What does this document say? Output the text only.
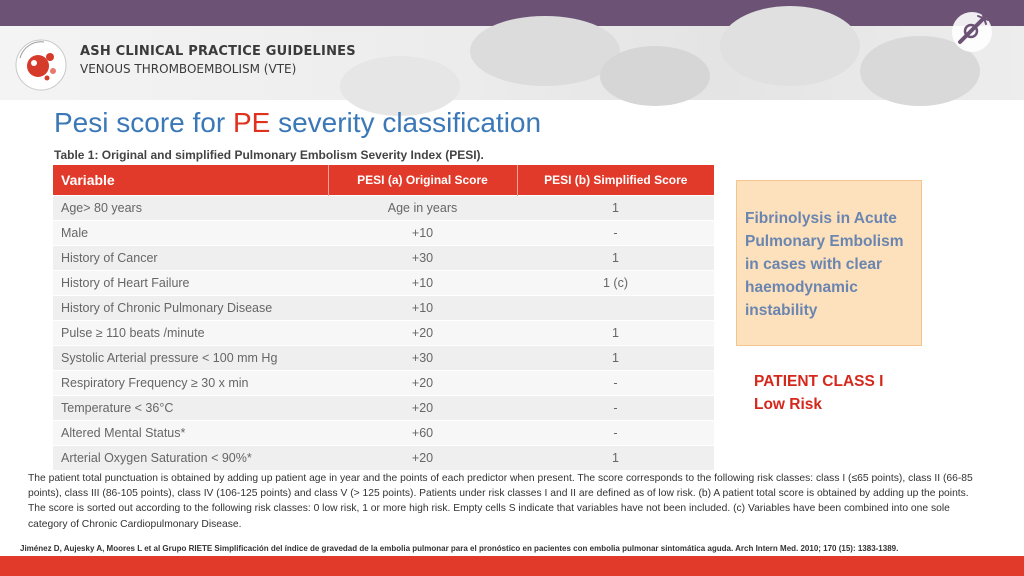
ASH CLINICAL PRACTICE GUIDELINES
VENOUS THROMBOEMBOLISM (VTE)
Pesi score for PE severity classification
Table 1: Original and simplified Pulmonary Embolism Severity Index (PESI).
Variable	PESI (a) Original Score	PESI (b) Simplified Score
Age> 80 years	Age in years	1
Male	+10	-
History of Cancer	+30	1
History of Heart Failure	+10	1 (c)
History of Chronic Pulmonary Disease	+10	
Pulse ≥ 110 beats /minute	+20	1
Systolic Arterial pressure < 100 mm Hg	+30	1
Respiratory Frequency ≥ 30 x min	+20	-
Temperature < 36°C	+20	-
Altered Mental Status*	+60	-
Arterial Oxygen Saturation < 90%*	+20	1
Fibrinolysis in Acute Pulmonary Embolism in cases with clear haemodynamic instability
PATIENT CLASS I
Low Risk
The patient total punctuation is obtained by adding up patient age in year and the points of each predictor when present. The score corresponds to the following risk classes: class I (≤65 points), class II (66-85 points), class III (86-105 points), class IV (106-125 points) and class V (> 125 points). Patients under risk classes I and II are defined as of low risk. (b) A patient total score is obtained by adding up the points. The score is sorted out according to the following risk classes: 0 low risk, 1 or more high risk. Empty cells S indicate that variables have not been included. (c) Variables have been combined into one sole category of Chronic Cardiopulmonary Disease.
Jiménez D, Aujesky A, Moores L et al Grupo RIETE Simplificación del índice de gravedad de la embolia pulmonar para el pronóstico en pacientes con embolia pulmonar sintomática aguda. Arch Intern Med. 2010; 170 (15): 1383-1389.
